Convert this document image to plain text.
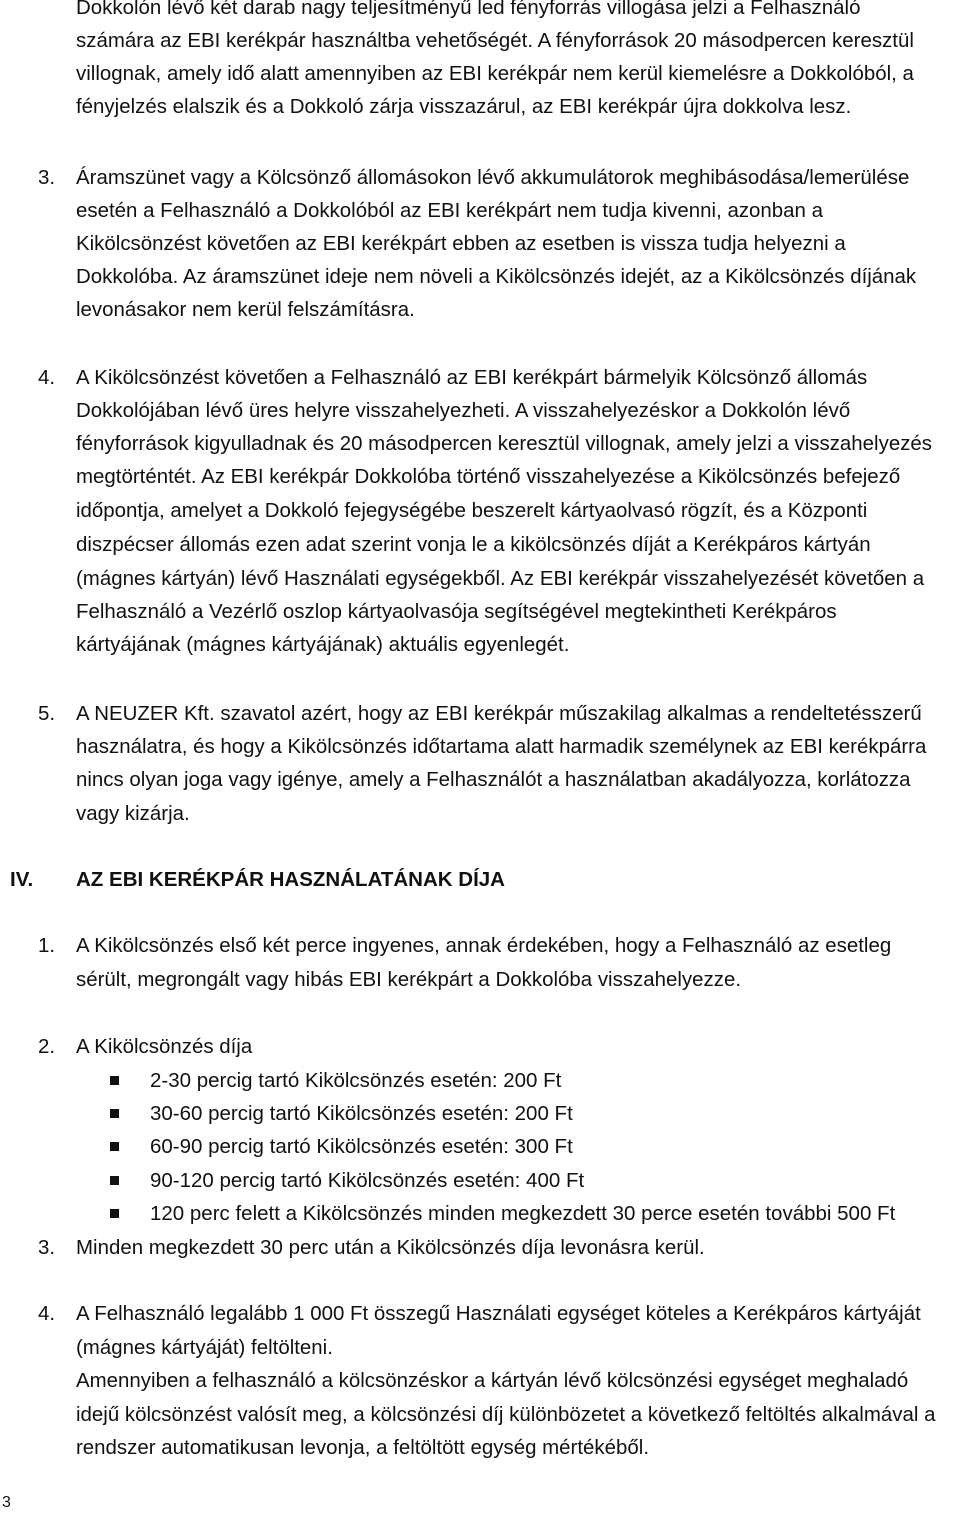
Dokkolón lévő két darab nagy teljesítményű led fényforrás villogása jelzi a Felhasználó
számára az EBI kerékpár használtba vehetőségét. A fényforrások 20 másodpercen keresztül
villognak, amely idő alatt amennyiben az EBI kerékpár nem kerül kiemelésre a Dokkolóból, a
fényjelzés elalszik és a Dokkoló zárja visszazárul, az EBI kerékpár újra dokkolva lesz.
3. Áramszünet vagy a Kölcsönző állomásokon lévő akkumulátorok meghibásodása/lemerülése
esetén a Felhasználó a Dokkolóból az EBI kerékpárt nem tudja kivenni, azonban a
Kikölcsönzést követően az EBI kerékpárt ebben az esetben is vissza tudja helyezni a
Dokkolóba. Az áramszünet ideje nem növeli a Kikölcsönzés idejét, az a Kikölcsönzés díjának
levonásakor nem kerül felszámításra.
4. A Kikölcsönzést követően a Felhasználó az EBI kerékpárt bármelyik Kölcsönző állomás
Dokkolójában lévő üres helyre visszahelyezheti. A visszahelyezéskor a Dokkolón lévő
fényforrások kigyulladnak és 20 másodpercen keresztül villognak, amely jelzi a visszahelyezés
megtörténtét. Az EBI kerékpár Dokkolóba történő visszahelyezése a Kikölcsönzés befejező
időpontja, amelyet a Dokkoló fejegységébe beszerelt kártyaolvasó rögzít, és a Központi
diszpécser állomás ezen adat szerint vonja le a kikölcsönzés díját a Kerékpáros kártyán
(mágnes kártyán) lévő Használati egységekből. Az EBI kerékpár visszahelyezését követően a
Felhasználó a Vezérlő oszlop kártyaolvasója segítségével megtekintheti Kerékpáros
kártyájának (mágnes kártyájának) aktuális egyenlegét.
5. A NEUZER Kft. szavatol azért, hogy az EBI kerékpár műszakilag alkalmas a rendeltetésszerű
használatra, és hogy a Kikölcsönzés időtartama alatt harmadik személynek az EBI kerékpárra
nincs olyan joga vagy igénye, amely a Felhasználót a használatban akadályozza, korlátozza
vagy kizárja.
IV. AZ EBI KERÉKPÁR HASZNÁLATÁNAK DÍJA
1. A Kikölcsönzés első két perce ingyenes, annak érdekében, hogy a Felhasználó az esetleg
sérült, megrongált vagy hibás EBI kerékpárt a Dokkolóba visszahelyezze.
2. A Kikölcsönzés díja
2-30 percig tartó Kikölcsönzés esetén: 200 Ft
30-60 percig tartó Kikölcsönzés esetén: 200 Ft
60-90 percig tartó Kikölcsönzés esetén: 300 Ft
90-120 percig tartó Kikölcsönzés esetén: 400 Ft
120 perc felett a Kikölcsönzés minden megkezdett 30 perce esetén további 500 Ft
3. Minden megkezdett 30 perc után a Kikölcsönzés díja levonásra kerül.
4. A Felhasználó legalább 1 000 Ft összegű Használati egységet köteles a Kerékpáros kártyáját
(mágnes kártyáját) feltölteni.
Amennyiben a felhasználó a kölcsönzéskor a kártyán lévő kölcsönzési egységet meghaladó
idejű kölcsönzést valósít meg, a kölcsönzési díj különbözetet a következő feltöltés alkalmával a
rendszer automatikusan levonja, a feltöltött egység mértékéből.
3
